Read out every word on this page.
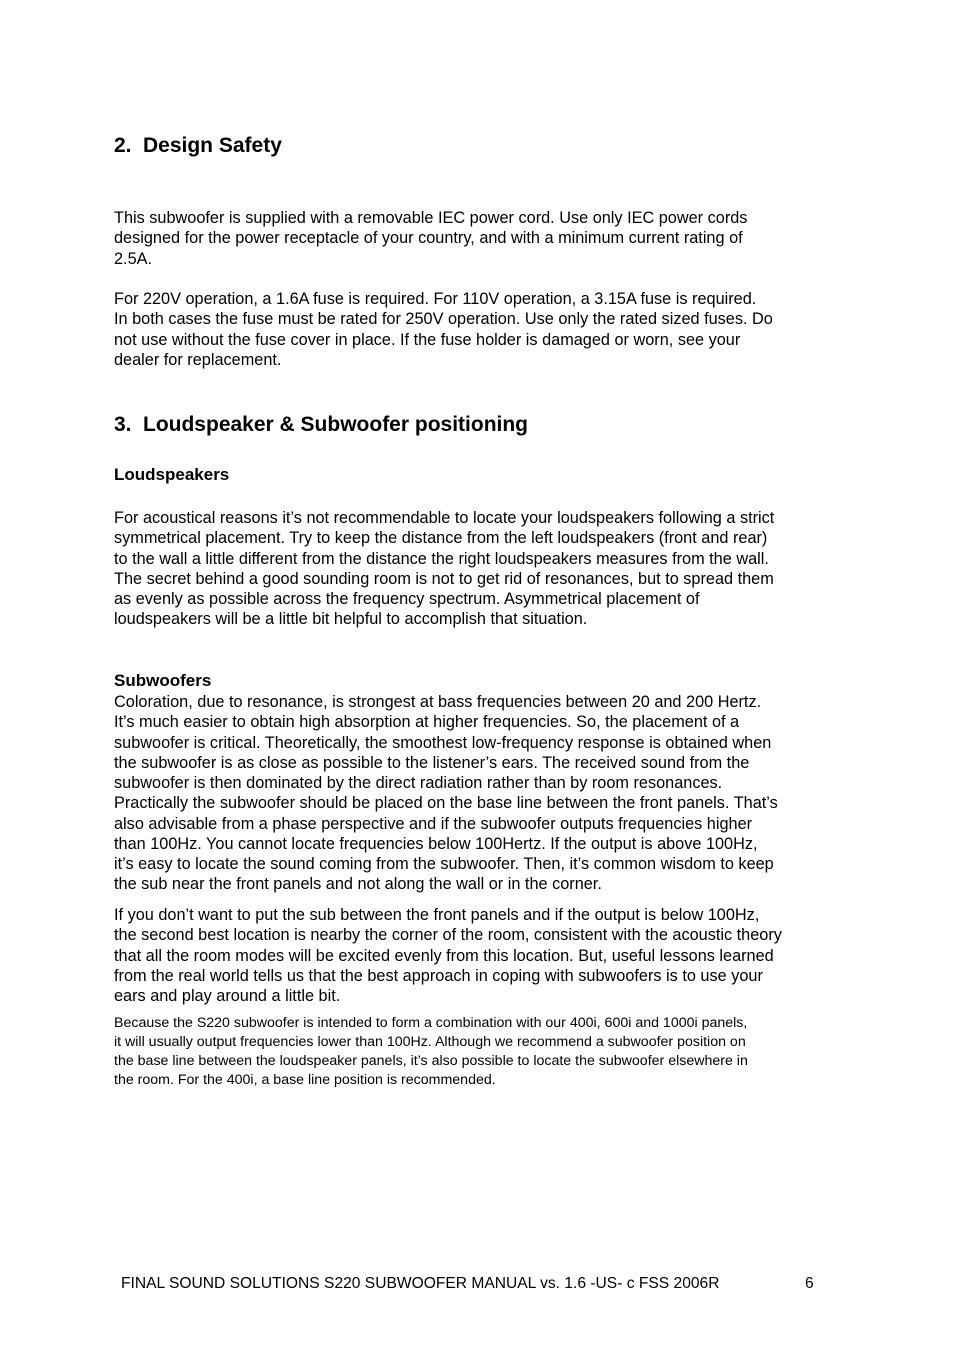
2. Design Safety
This subwoofer is supplied with a removable IEC power cord. Use only IEC power cords
designed for the power receptacle of your country, and with a minimum current rating of
2.5A.
For 220V operation, a 1.6A fuse is required. For 110V operation, a 3.15A fuse is required.
In both cases the fuse must be rated for 250V operation. Use only the rated sized fuses. Do
not use without the fuse cover in place. If the fuse holder is damaged or worn, see your
dealer for replacement.
3. Loudspeaker & Subwoofer positioning
Loudspeakers
For acoustical reasons it’s not recommendable to locate your loudspeakers following a strict
symmetrical placement. Try to keep the distance from the left loudspeakers (front and rear)
to the wall a little different from the distance the right loudspeakers measures from the wall.
The secret behind a good sounding room is not to get rid of resonances, but to spread them
as evenly as possible across the frequency spectrum. Asymmetrical placement of
loudspeakers will be a little bit helpful to accomplish that situation.
Subwoofers
Coloration, due to resonance, is strongest at bass frequencies between 20 and 200 Hertz.
It’s much easier to obtain high absorption at higher frequencies. So, the placement of a
subwoofer is critical. Theoretically, the smoothest low-frequency response is obtained when
the subwoofer is as close as possible to the listener’s ears. The received sound from the
subwoofer is then dominated by the direct radiation rather than by room resonances.
Practically the subwoofer should be placed on the base line between the front panels. That’s
also advisable from a phase perspective and if the subwoofer outputs frequencies higher
than 100Hz. You cannot locate frequencies below 100Hertz. If the output is above 100Hz,
it’s easy to locate the sound coming from the subwoofer. Then, it’s common wisdom to keep
the sub near the front panels and not along the wall or in the corner.
If you don’t want to put the sub between the front panels and if the output is below 100Hz,
the second best location is nearby the corner of the room, consistent with the acoustic theory
that all the room modes will be excited evenly from this location. But, useful lessons learned
from the real world tells us that the best approach in coping with subwoofers is to use your
ears and play around a little bit.
Because the S220 subwoofer is intended to form a combination with our 400i, 600i and 1000i panels,
it will usually output frequencies lower than 100Hz. Although we recommend a subwoofer position on
the base line between the loudspeaker panels, it’s also possible to locate the subwoofer elsewhere in
the room. For the 400i, a base line position is recommended.
FINAL SOUND SOLUTIONS S220 SUBWOOFER MANUAL vs. 1.6 -US- c FSS 2006R	6
